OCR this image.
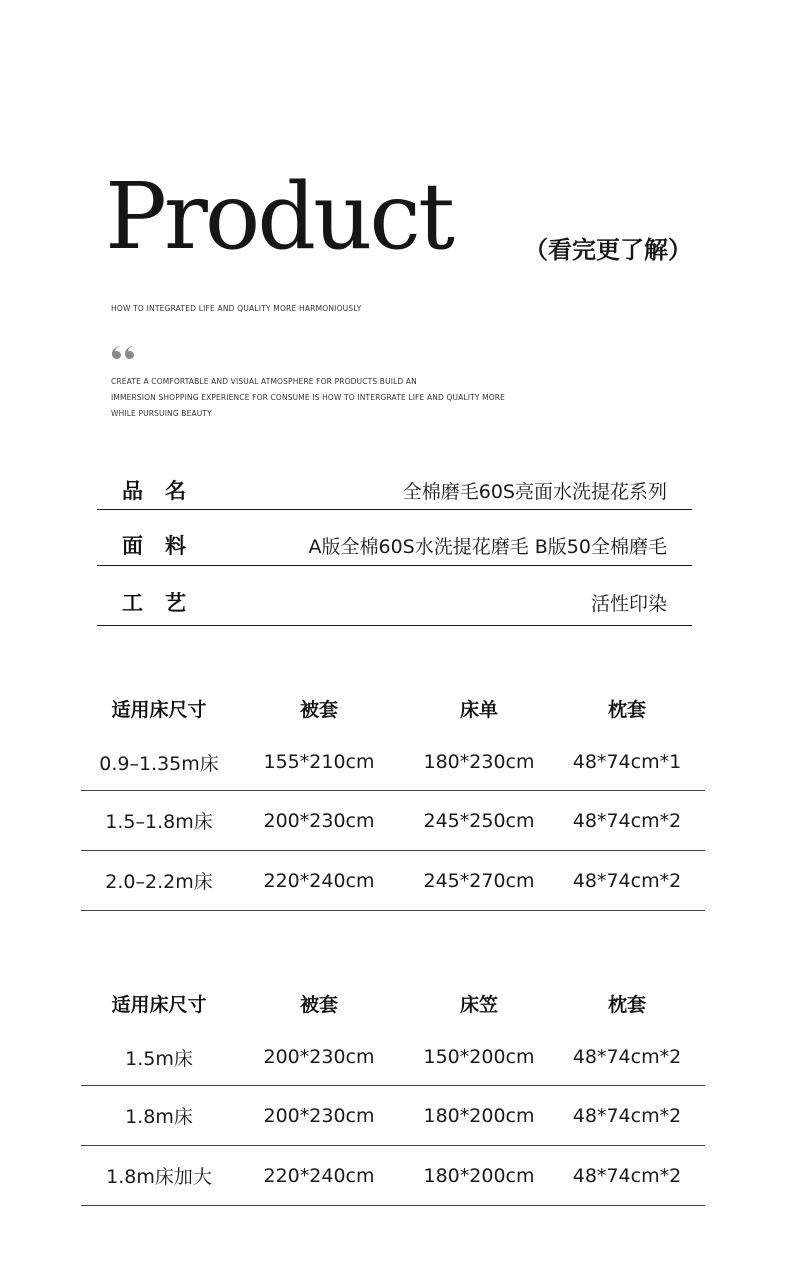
Product	（看完更了解）
HOW TO INTEGRATED LIFE AND QUALITY MORE HARMONIOUSLY
CREATE A COMFORTABLE AND VISUAL ATMOSPHERE FOR PRODUCTS BUILD AN
IMMERSION SHOPPING EXPERIENCE FOR CONSUME IS HOW TO INTERGRATE LIFE AND QUALITY MORE
WHILE PURSUING BEAUTY
品名	全棉磨毛60S亮面水洗提花系列
面料	A版全棉60S水洗提花磨毛 B版50全棉磨毛
工艺	活性印染
适用床尺寸	被套	床单	枕套
0.9–1.35m床 155*210cm	180*230cm 48*74cm*1
1.5–1.8m床	200*230cm	245*250cm 48*74cm*2
2.0–2.2m床	220*240cm	245*270cm 48*74cm*2
适用床尺寸	被套	床笠	枕套
1.5m床	200*230cm	150*200cm 48*74cm*2
1.8m床	200*230cm	180*200cm 48*74cm*2
1.8m床加大	220*240cm	180*200cm 48*74cm*2
